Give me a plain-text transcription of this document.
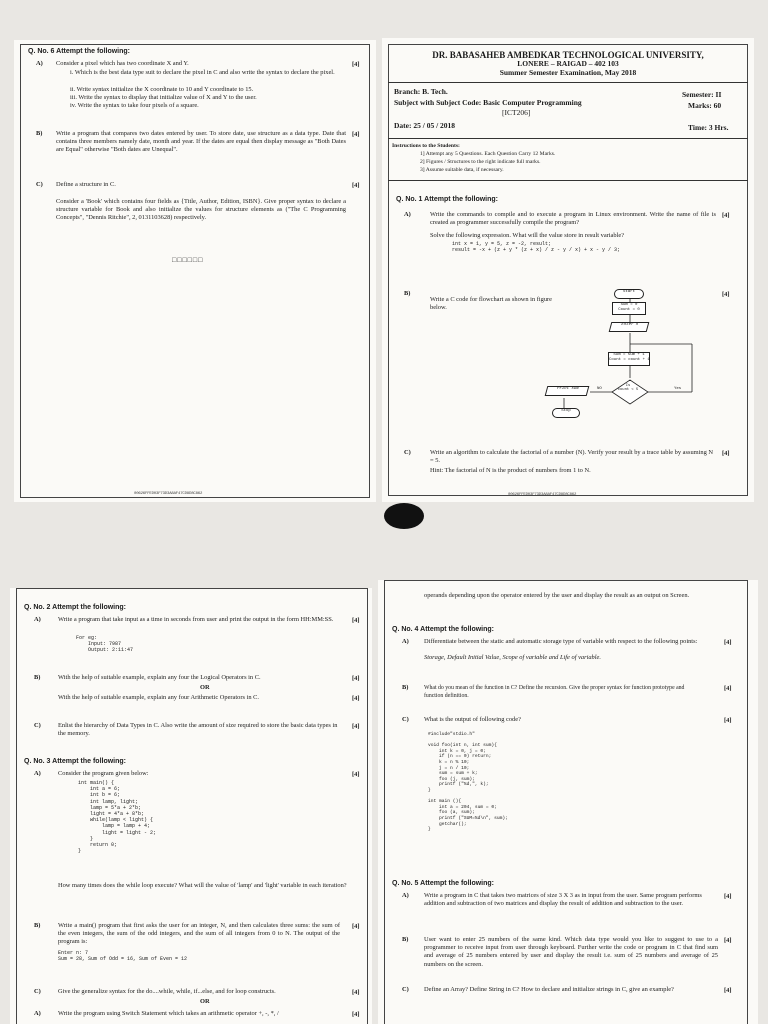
Q. No. 6 Attempt the following:
A) Consider a pixel which has two coordinate X and Y.	[4]
i. Which is the best data type suit to declare the pixel in C and also write the syntax to declare the pixel.
ii. Write syntax initialize the X coordinate to 10 and Y coordinate to 15.
iii. Write the syntax to display that initialize value of X and Y to the user.
iv. Write the syntax to take four pixels of a square.
B) Write a program that compares two dates entered by user. To store date, use structure as a data type. Date that contains three members namely date, month and year. If the dates are equal then display message as "Both Dates are Equal" otherwise "Both dates are Unequal".
[4]
C) Define a structure in C.	[4]
Consider a 'Book' which contains four fields as {Title, Author, Edition, ISBN}. Give proper syntax to declare a structure variable for Book and also initialize the values for structure elements as ("The C Programming Concepts", "Dennis Ritchie", 2, 0131103628) respectively.
□□□□□□
00626FFED03F73D3A8AF47CD8D8C862
DR. BABASAHEB AMBEDKAR TECHNOLOGICAL UNIVERSITY,
LONERE – RAIGAD – 402 103
Summer Semester Examination, May 2018
Branch: B. Tech.	Semester: II
Subject with Subject Code: Basic Computer Programming	Marks: 60
[ICT206]
Date: 25 / 05 / 2018	Time: 3 Hrs.
Instructions to the Students:
1] Attempt any 5 Questions. Each Question Carry 12 Marks.
2] Figures / Structures to the right indicate full marks.
3] Assume suitable data, if necessary.
Q. No. 1 Attempt the following:
A)	Write the commands to compile and to execute a program in Linux environment. Write the name of file is created as programmer successfully compile the program?
[4]
Solve the following expression. What will the value store in result variable?
int x = 1, y = 5, z = -2, result;
result = -x + (z + y * (z + x) / z - y / x) + x - y / 3;
B)
Write a C code for flowchart as shown in figure below.
[4]
Start
Sum = 0
Count = 0
Enter n
Sum = sum + 1
Count = count + 1
Is
count < 5
Print sum
Stop
NO	Yes
C)	Write an algorithm to calculate the factorial of a number (N). Verify your result by a trace table by assuming N = 5.
[4]
Hint: The factorial of N is the product of numbers from 1 to N.
00626FFED03F73D3A8AF47CD8D8C862
Q. No. 2 Attempt the following:
A)	Write a program that take input as a time in seconds from user and print the output in the form HH:MM:SS.	[4]
For eg:
Input: 7987
Output: 2:11:47
B)	With the help of suitable example, explain any four the Logical Operators in C.	[4]
OR
With the help of suitable example, explain any four Arithmetic Operators in C.	[4]
C)	Enlist the hierarchy of Data Types in C. Also write the amount of size required to store the basic data types in the memory.
[4]
Q. No. 3 Attempt the following:
A)	Consider the program given below:	[4]
int main() {
int a = 6;
int b = 6;
int lamp, light;
lamp = 5*a + 2*b;
light = 4*a + 8*b;
while(lamp < light) {
lamp = lamp + 4;
light = light - 2;
}
return 0;
}
How many times does the while loop execute? What will the value of 'lamp' and 'light' variable in each iteration?
B)	Write a main() program that first asks the user for an integer, N, and then calculates three sums: the sum of the even integers, the sum of the odd integers, and the sum of all integers from 0 to N. The output of the program is:
[4]
Enter n: 7
Sum = 28, Sum of Odd = 16, Sum of Even = 12
C)	Give the generalize syntax for the do....while, while, if...else, and for loop constructs.	[4]
OR
A)	Write the program using Switch Statement which takes an arithmetic operator +, -, *, /	[4]
operands depending upon the operator entered by the user and display the result as an output on Screen.
Q. No. 4 Attempt the following:
A) Differentiate between the static and automatic storage type of variable with respect to the following points:
Storage, Default Initial Value, Scope of variable and Life of variable.
[4]
B)	What do you mean of the function in C? Define the recursion. Give the proper syntax for function prototype and function definition.
[4]
C) What is the output of following code?	[4]
#include"stdio.h"

void foo(int n, int sum){
int k = 0, j = 0;
if (n == 0) return;
k = n % 10;
j = n / 10;
sum = sum + k;
foo (j, sum);
printf ("%d,", k);
}

int main (){
int a = 204, sum = 0;
foo (a, sum);
printf ("SUM=%d\n", sum);
getchar();
}
Q. No. 5 Attempt the following:
A) Write a program in C that takes two matrices of size 3 X 3 as in input from the user. Same program performs addition and subtraction of two matrices and display the result of addition and subtraction to the user.
[4]
B) User want to enter 25 numbers of the same kind. Which data type would you like to suggest to use to a programmer to receive input from user through keyboard. Further write the code or program in C that find sum and average of 25 numbers entered by user and display the result i.e. sum of 25 numbers and average of 25 numbers on the screen.
[4]
C) Define an Array? Define String in C? How to declare and initialize strings in C, give an example?	[4]
